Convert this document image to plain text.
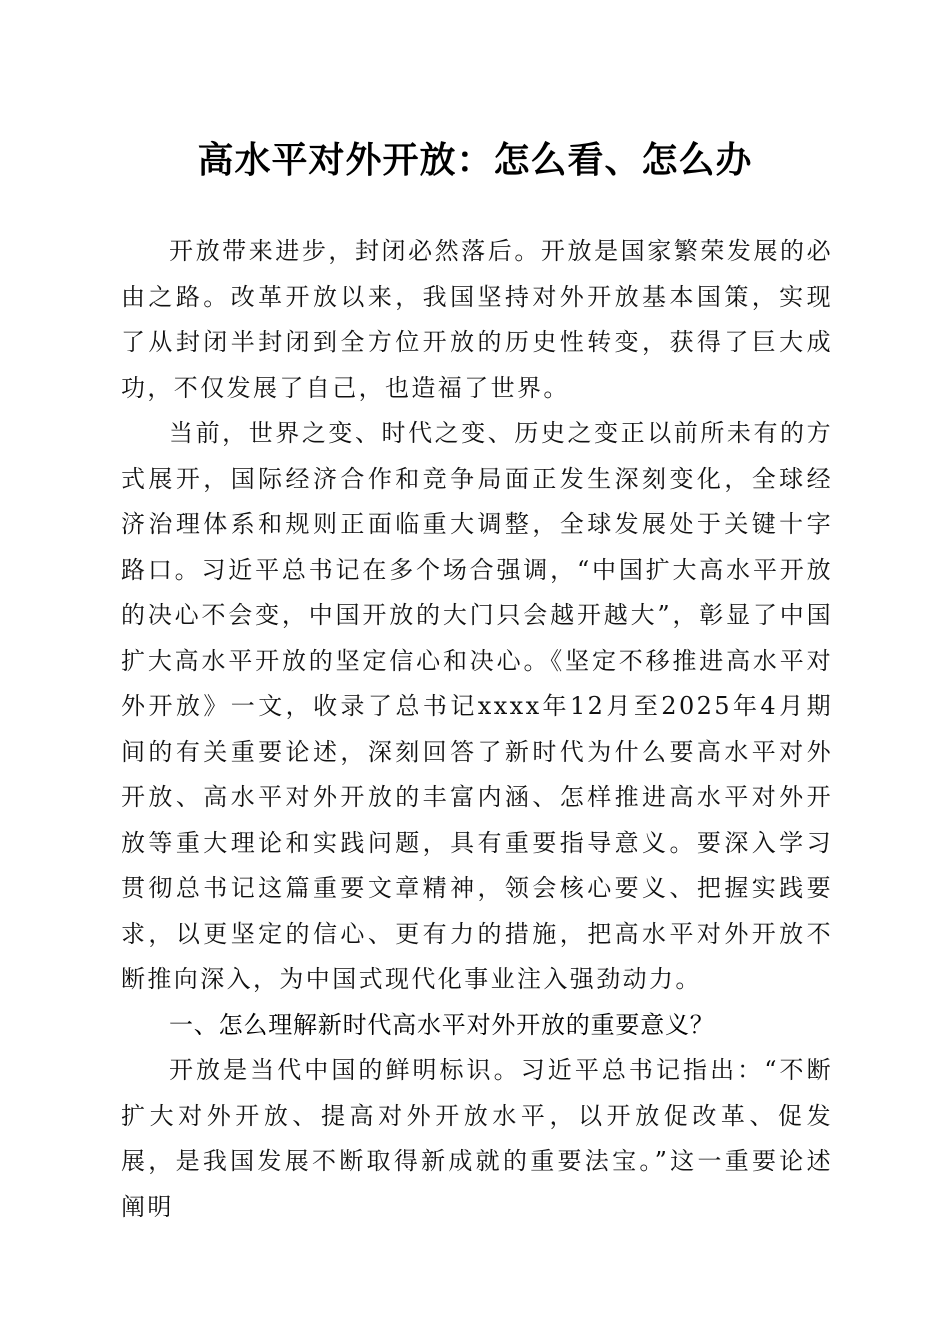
高水平对外开放：怎么看、怎么办

开放带来进步，封闭必然落后。开放是国家繁荣发展的必由之路。改革开放以来，我国坚持对外开放基本国策，实现了从封闭半封闭到全方位开放的历史性转变，获得了巨大成功，不仅发展了自己，也造福了世界。

当前，世界之变、时代之变、历史之变正以前所未有的方式展开，国际经济合作和竞争局面正发生深刻变化，全球经济治理体系和规则正面临重大调整，全球发展处于关键十字路口。习近平总书记在多个场合强调，“中国扩大高水平开放的决心不会变，中国开放的大门只会越开越大”，彰显了中国扩大高水平开放的坚定信心和决心。《坚定不移推进高水平对外开放》一文，收录了总书记xxxx年12月至2025年4月期间的有关重要论述，深刻回答了新时代为什么要高水平对外开放、高水平对外开放的丰富内涵、怎样推进高水平对外开放等重大理论和实践问题，具有重要指导意义。要深入学习贯彻总书记这篇重要文章精神，领会核心要义、把握实践要求，以更坚定的信心、更有力的措施，把高水平对外开放不断推向深入，为中国式现代化事业注入强劲动力。

一、怎么理解新时代高水平对外开放的重要意义？

开放是当代中国的鲜明标识。习近平总书记指出：“不断扩大对外开放、提高对外开放水平，以开放促改革、促发展，是我国发展不断取得新成就的重要法宝。”这一重要论述阐明
